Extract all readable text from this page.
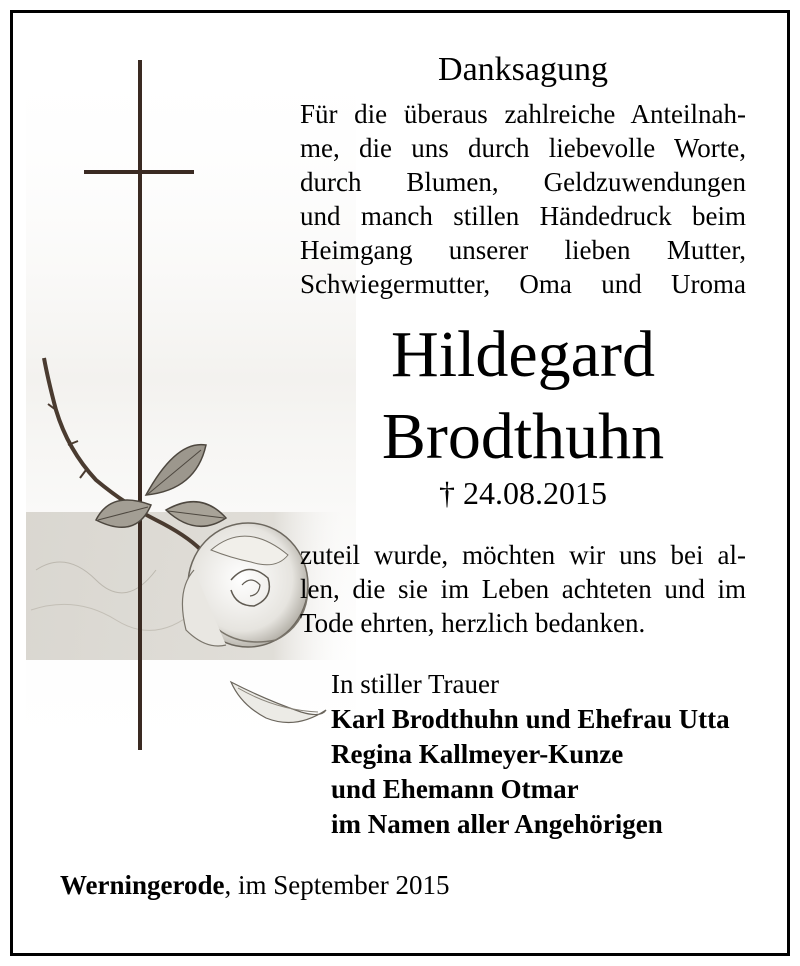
Danksagung
Für die überaus zahlreiche Anteilnah-
me, die uns durch liebevolle Worte,
durch Blumen, Geldzuwendungen
und manch stillen Händedruck beim
Heimgang unserer lieben Mutter,
Schwiegermutter, Oma und Uroma
Hildegard
Brodthuhn
† 24.08.2015
zuteil wurde, möchten wir uns bei al-
len, die sie im Leben achteten und im
Tode ehrten, herzlich bedanken.
In stiller Trauer
Karl Brodthuhn und Ehefrau Utta
Regina Kallmeyer-Kunze
und Ehemann Otmar
im Namen aller Angehörigen
Werningerode, im September 2015
